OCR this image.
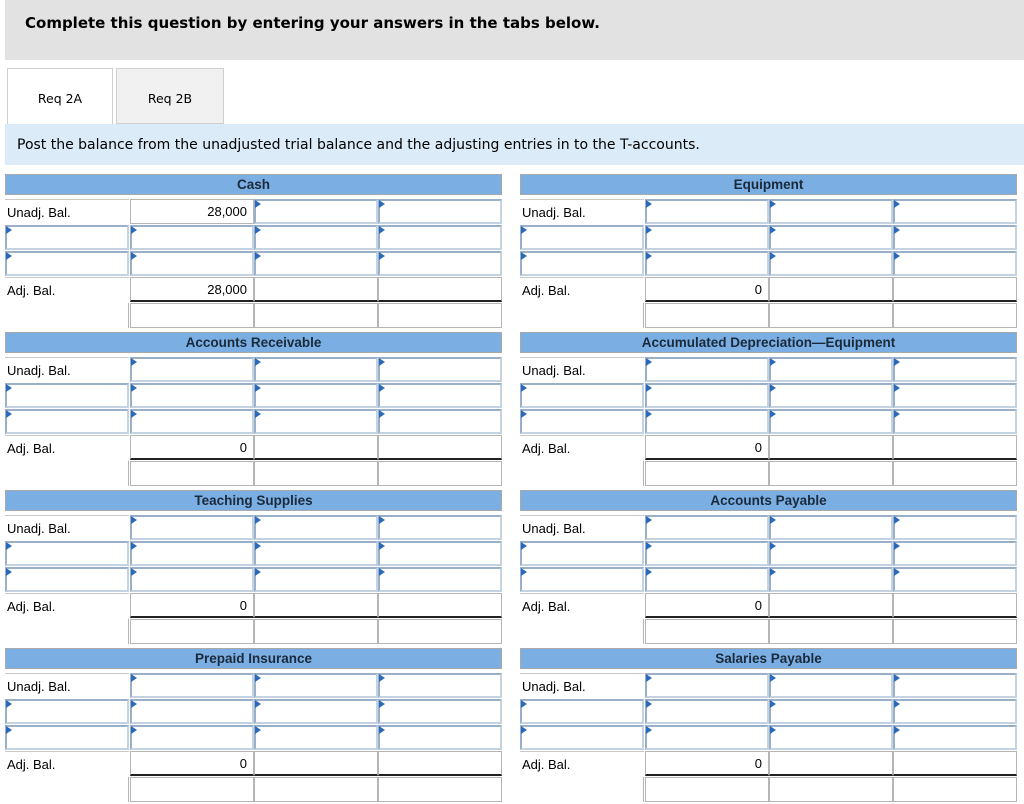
Complete this question by entering your answers in the tabs below.
Req 2A	Req 2B
Post the balance from the unadjusted trial balance and the adjusting entries in to the T-accounts.
Cash
Unadj. Bal.	28,000
Adj. Bal.	28,000
Equipment
Unadj. Bal.
Adj. Bal.	0
Accounts Receivable
Unadj. Bal.
Adj. Bal.	0
Accumulated Depreciation—Equipment
Unadj. Bal.
Adj. Bal.	0
Teaching Supplies
Unadj. Bal.
Adj. Bal.	0
Accounts Payable
Unadj. Bal.
Adj. Bal.	0
Prepaid Insurance
Unadj. Bal.
Adj. Bal.	0
Salaries Payable
Unadj. Bal.
Adj. Bal.	0
